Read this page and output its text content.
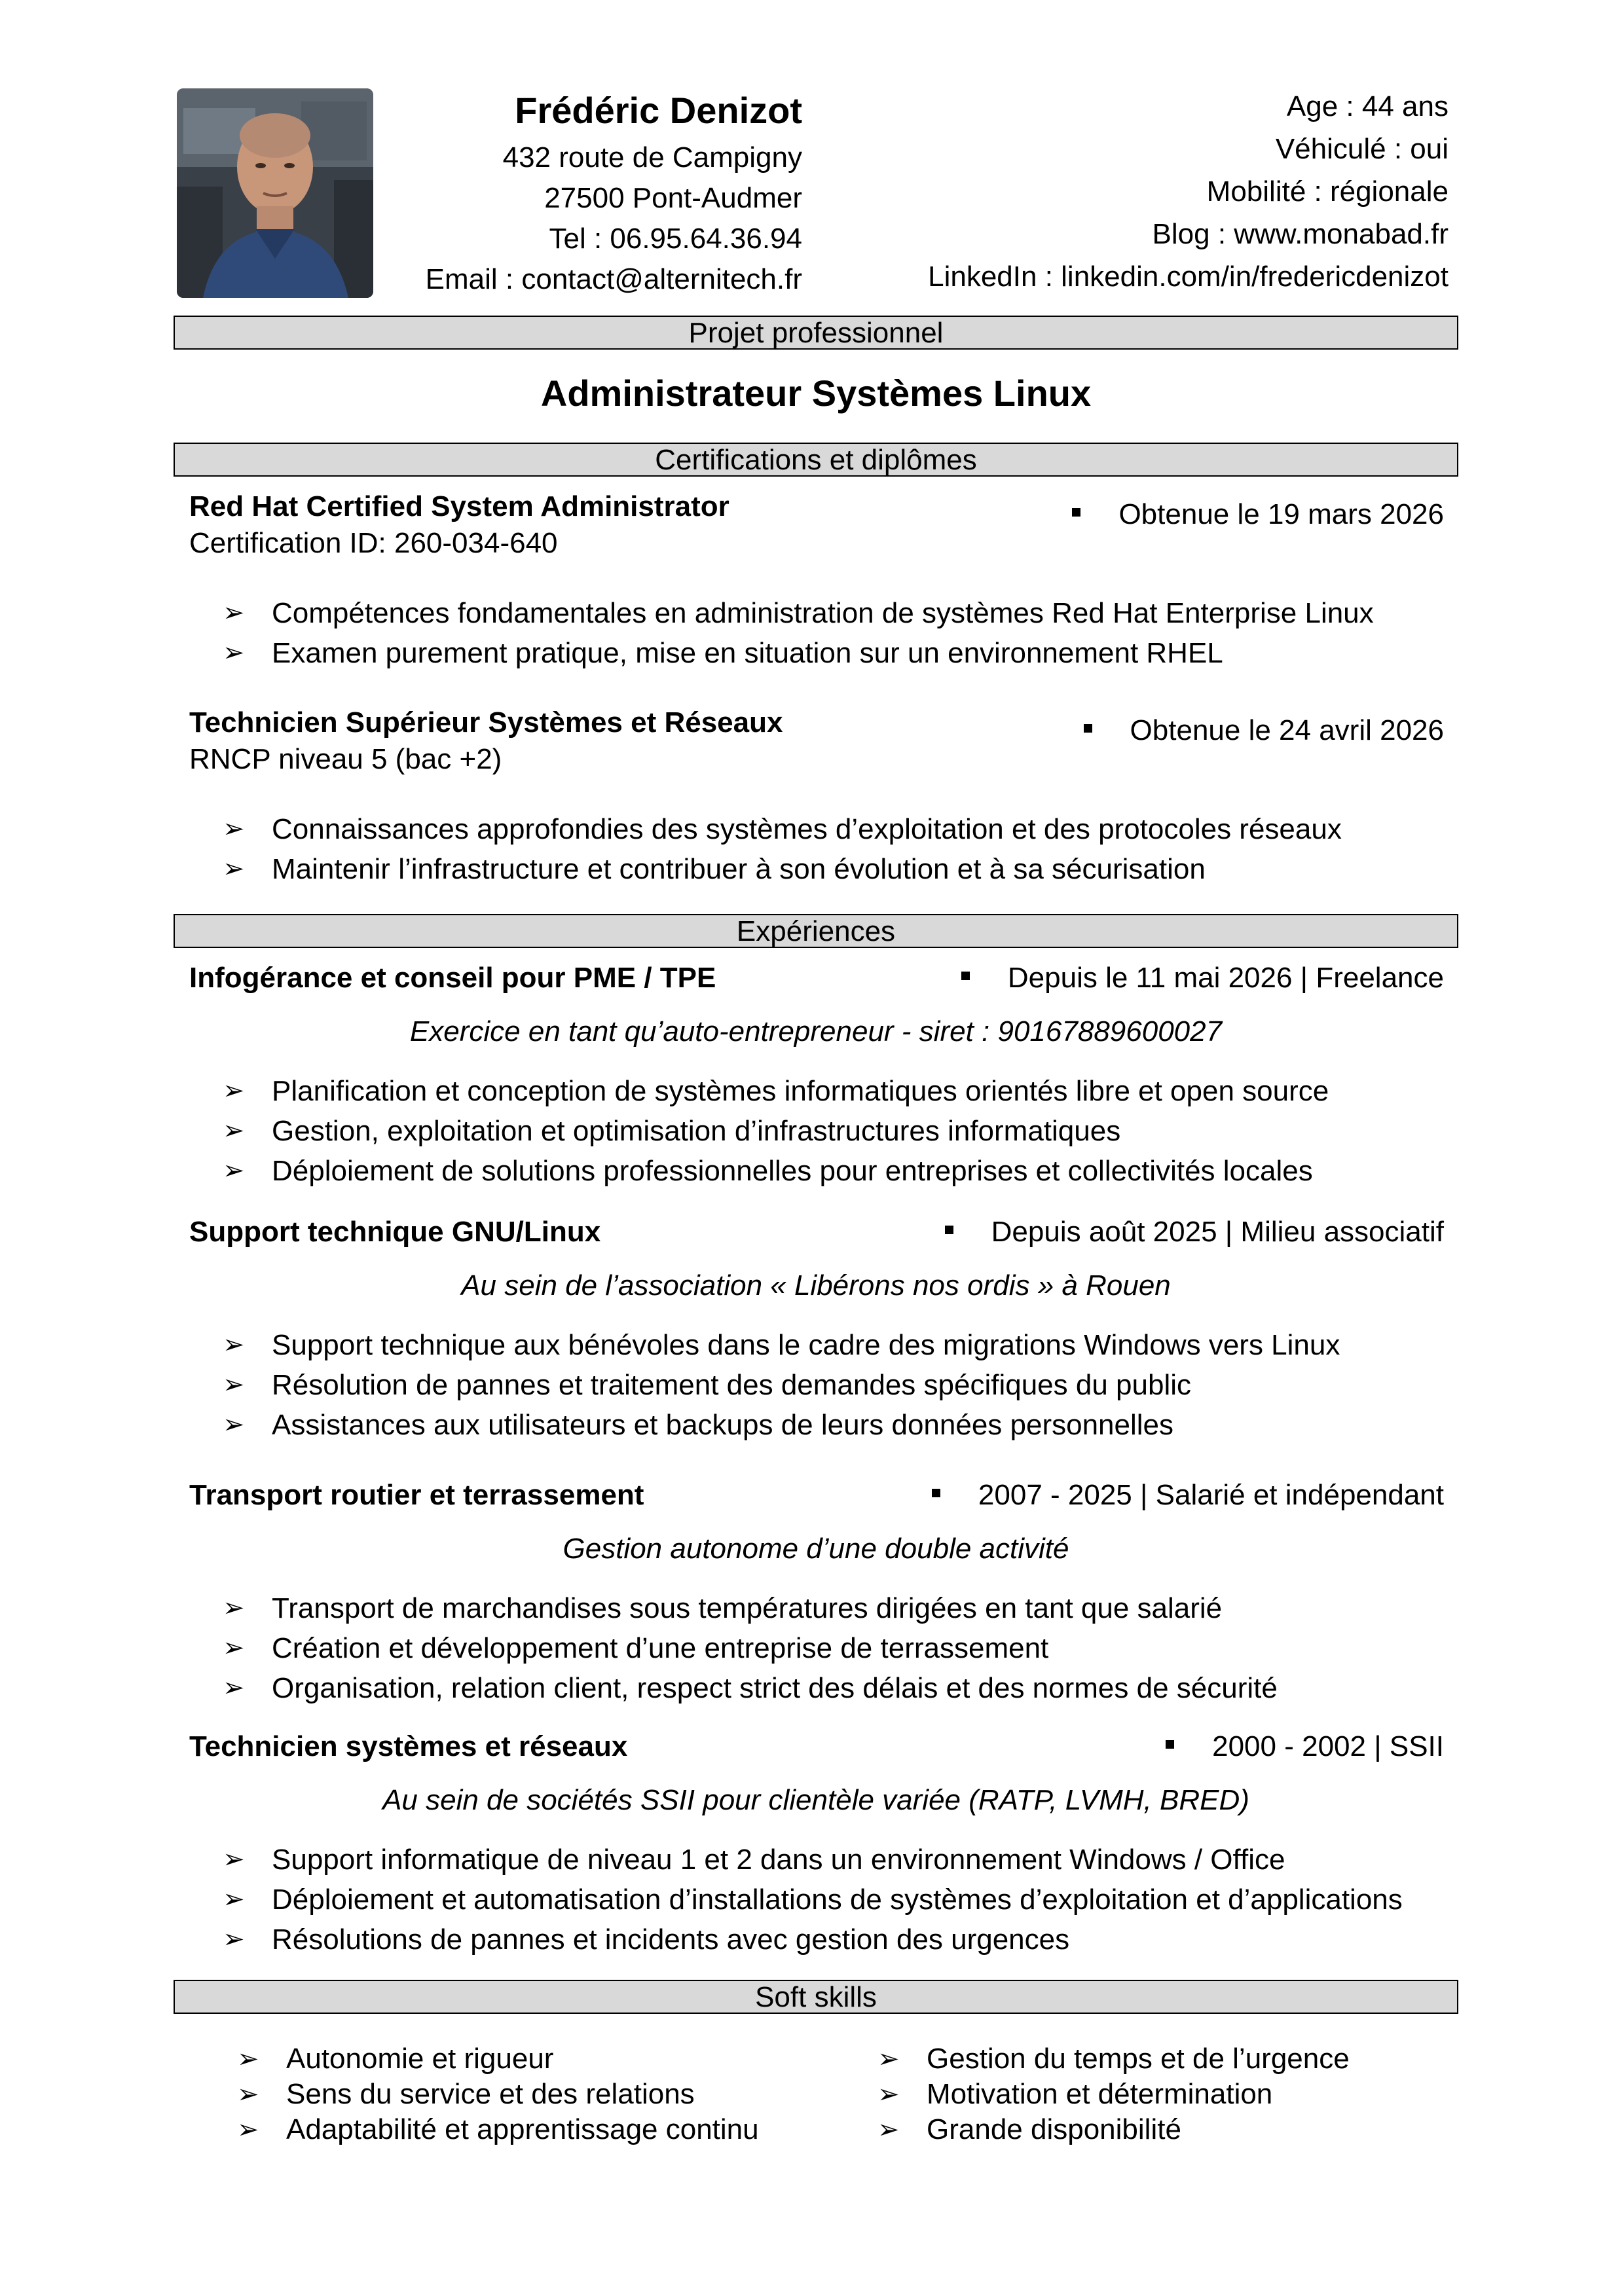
Frédéric Denizot
432 route de Campigny
27500 Pont-Audmer
Tel : 06.95.64.36.94
Email : contact@alternitech.fr
Age : 44 ans
Véhiculé : oui
Mobilité : régionale
Blog : www.monabad.fr
LinkedIn : linkedin.com/in/fredericdenizot
Projet professionnel
Administrateur Systèmes Linux
Certifications et diplômes
Red Hat Certified System Administrator
Certification ID: 260-034-640
Obtenue le 19 mars 2026
➢ Compétences fondamentales en administration de systèmes Red Hat Enterprise Linux
➢ Examen purement pratique, mise en situation sur un environnement RHEL
Technicien Supérieur Systèmes et Réseaux
RNCP niveau 5 (bac +2)
Obtenue le 24 avril 2026
➢ Connaissances approfondies des systèmes d’exploitation et des protocoles réseaux
➢ Maintenir l’infrastructure et contribuer à son évolution et à sa sécurisation
Expériences
Infogérance et conseil pour PME / TPE	Depuis le 11 mai 2026 | Freelance
Exercice en tant qu’auto-entrepreneur - siret : 90167889600027
➢ Planification et conception de systèmes informatiques orientés libre et open source
➢ Gestion, exploitation et optimisation d’infrastructures informatiques
➢ Déploiement de solutions professionnelles pour entreprises et collectivités locales
Support technique GNU/Linux	Depuis août 2025 | Milieu associatif
Au sein de l’association « Libérons nos ordis » à Rouen
➢ Support technique aux bénévoles dans le cadre des migrations Windows vers Linux
➢ Résolution de pannes et traitement des demandes spécifiques du public
➢ Assistances aux utilisateurs et backups de leurs données personnelles
Transport routier et terrassement	2007 - 2025 | Salarié et indépendant
Gestion autonome d’une double activité
➢ Transport de marchandises sous températures dirigées en tant que salarié
➢ Création et développement d’une entreprise de terrassement
➢ Organisation, relation client, respect strict des délais et des normes de sécurité
Technicien systèmes et réseaux	2000 - 2002 | SSII
Au sein de sociétés SSII pour clientèle variée (RATP, LVMH, BRED)
➢ Support informatique de niveau 1 et 2 dans un environnement Windows / Office
➢ Déploiement et automatisation d’installations de systèmes d’exploitation et d’applications
➢ Résolutions de pannes et incidents avec gestion des urgences
Soft skills
➢ Autonomie et rigueur
➢ Sens du service et des relations
➢ Adaptabilité et apprentissage continu
➢ Gestion du temps et de l’urgence
➢ Motivation et détermination
➢ Grande disponibilité
